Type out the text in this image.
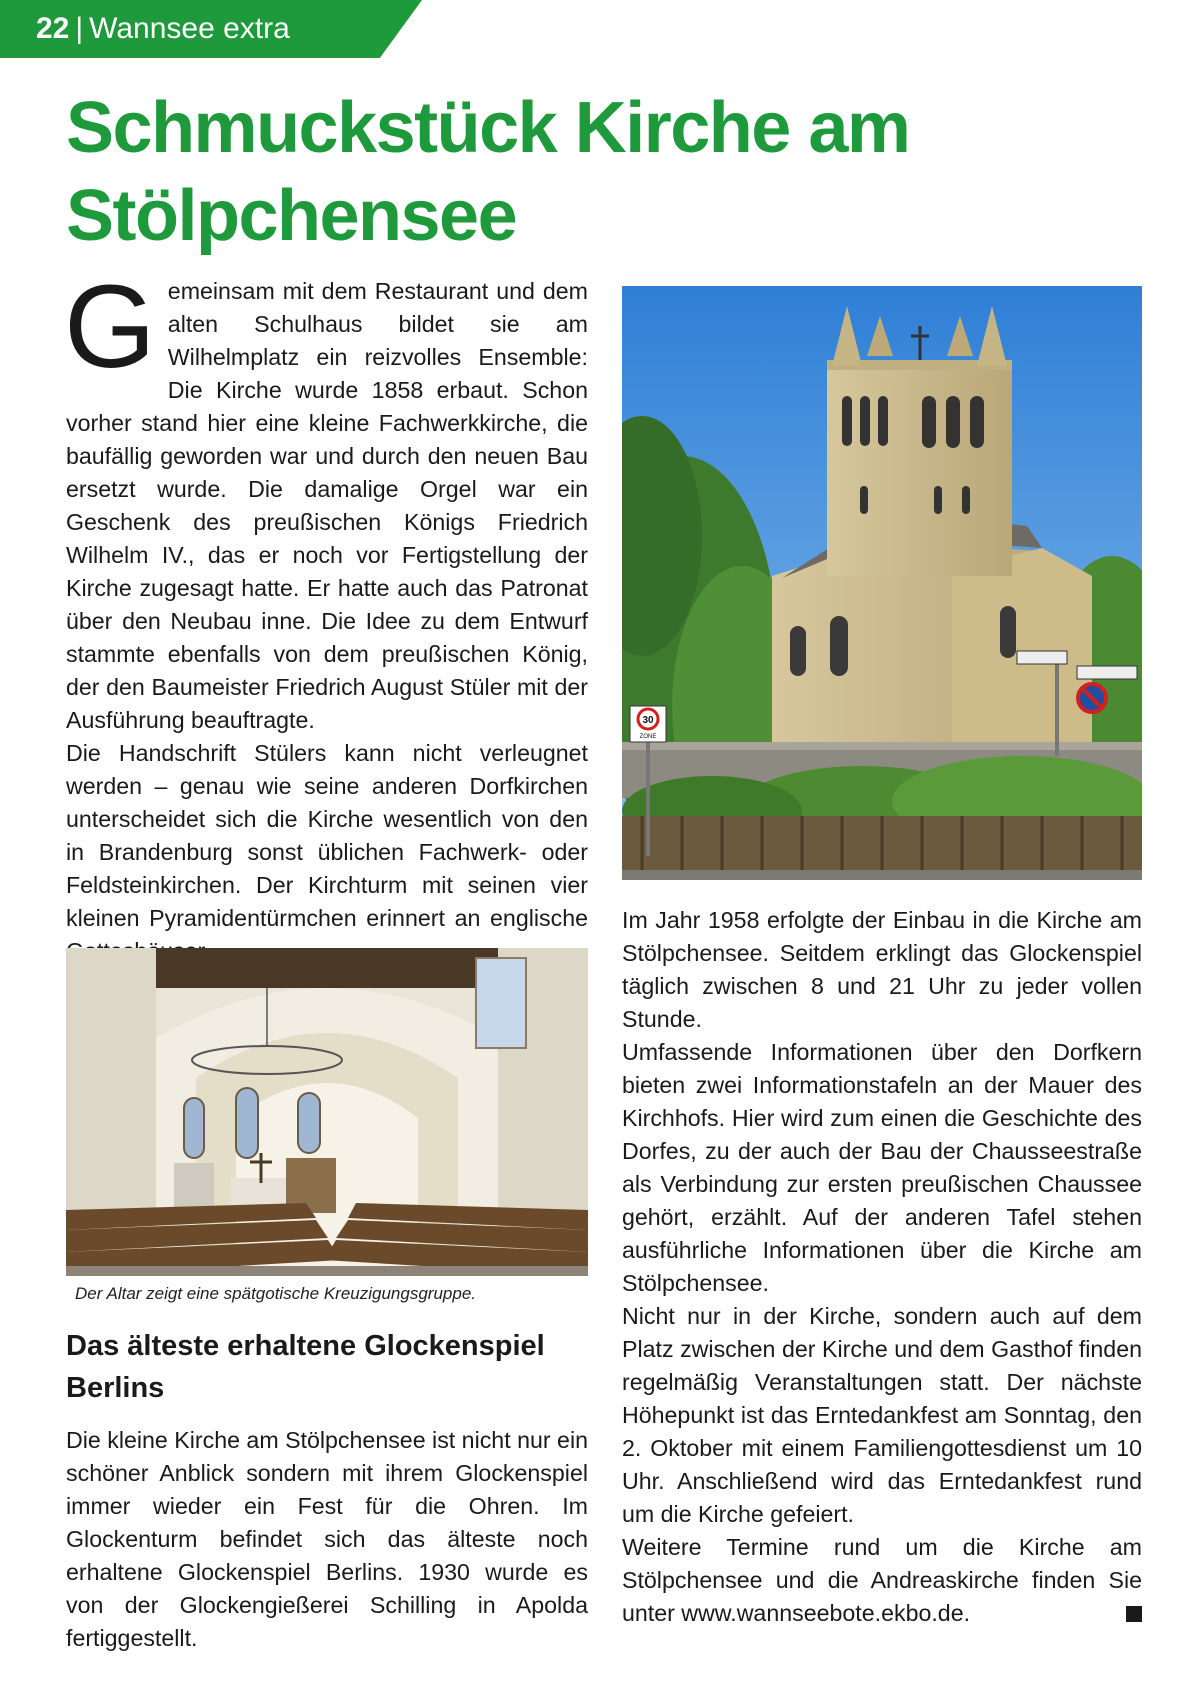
22 | Wannsee extra
Schmuckstück Kirche am Stölpchensee
G emeinsam mit dem Restaurant und dem alten Schulhaus bildet sie am Wilhelmplatz ein reizvolles Ensemble: Die Kirche wurde 1858 erbaut. Schon vorher stand hier eine kleine Fachwerkkirche, die baufällig geworden war und durch den neuen Bau ersetzt wurde. Die damalige Orgel war ein Geschenk des preußischen Königs Friedrich Wilhelm IV., das er noch vor Fertigstellung der Kirche zugesagt hatte. Er hatte auch das Patronat über den Neubau inne. Die Idee zu dem Entwurf stammte ebenfalls von dem preußischen König, der den Baumeister Friedrich August Stüler mit der Ausführung beauftragte.

Die Handschrift Stülers kann nicht verleugnet werden – genau wie seine anderen Dorfkirchen unterscheidet sich die Kirche wesentlich von den in Brandenburg sonst üblichen Fachwerk- oder Feldsteinkirchen. Der Kirchturm mit seinen vier kleinen Pyramidentürmchen erinnert an englische

30
ZONE
Der Altar zeigt eine spätgotische Kreuzigungsgruppe.
Das älteste erhaltene Glockenspiel Berlins

Die kleine Kirche am Stölpchensee ist nicht nur ein schöner Anblick sondern mit ihrem Glockenspiel immer wieder ein Fest für die Ohren. Im Glockenturm befindet sich das älteste noch erhaltene Glockenspiel Berlins. 1930 wurde es von der Glockengießerei Schilling in Apolda fertiggestellt.

Im Jahr 1958 erfolgte der Einbau in die Kirche am Stölpchensee. Seitdem erklingt das Glockenspiel täglich zwischen 8 und 21 Uhr zu jeder vollen Stunde.

Umfassende Informationen über den Dorfkern bieten zwei Informationstafeln an der Mauer des Kirchhofs. Hier wird zum einen die Geschichte des Dorfes, zu der auch der Bau der Chausseestraße als Verbindung zur ersten preußischen Chaussee gehört, erzählt. Auf der anderen Tafel stehen ausführliche Informationen über die Kirche am Stölpchensee.

Nicht nur in der Kirche, sondern auch auf dem Platz zwischen der Kirche und dem Gasthof finden regelmäßig Veranstaltungen statt. Der nächste Höhepunkt ist das Erntedankfest am Sonntag, den 2. Oktober mit einem Familiengottesdienst um 10 Uhr. Anschließend wird das Erntedankfest rund um die Kirche gefeiert.

Weitere Termine rund um die Kirche am Stölpchensee und die Andreaskirche finden Sie unter www.wannseebote.ekbo.de.
